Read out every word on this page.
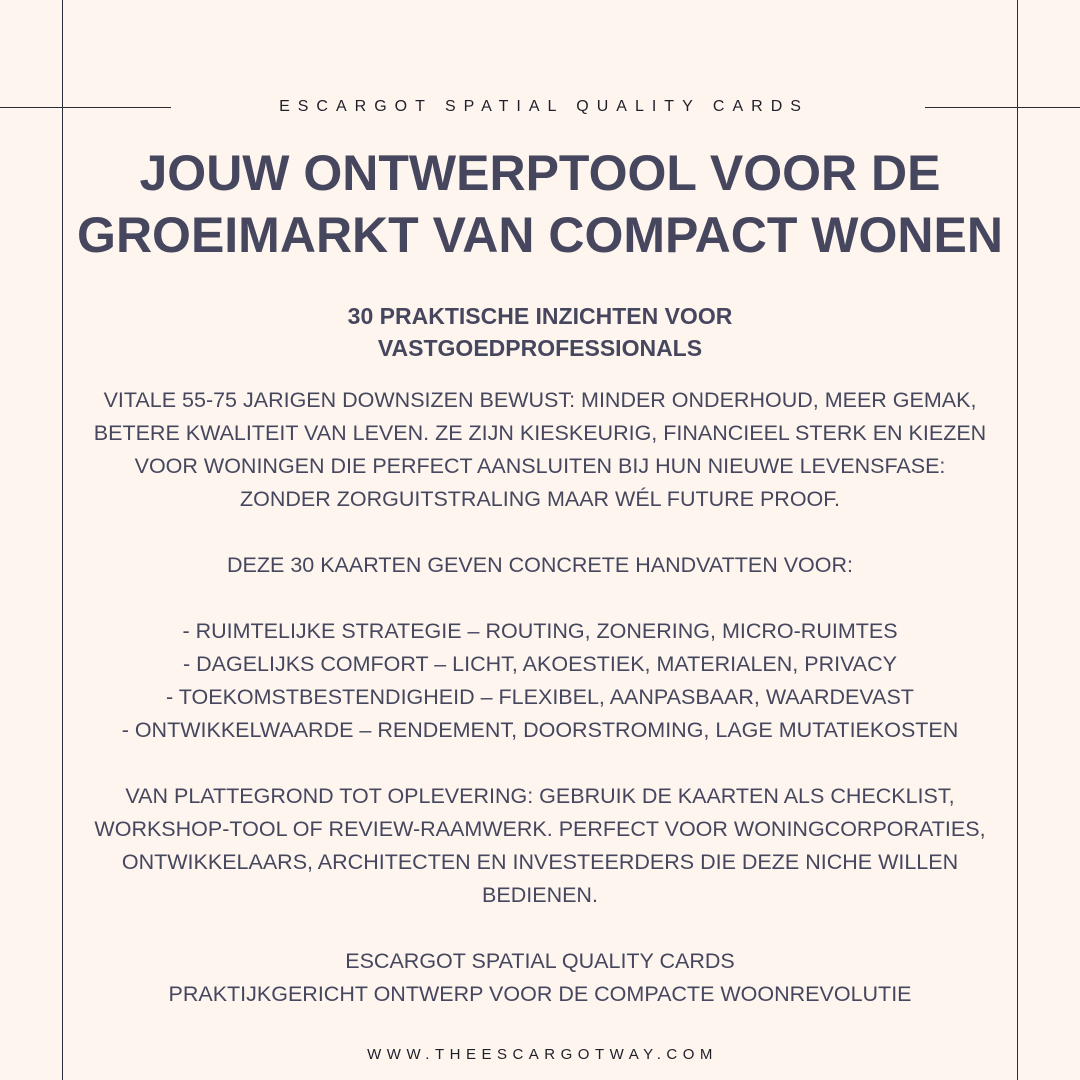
ESCARGOT SPATIAL QUALITY CARDS
JOUW ONTWERPTOOL VOOR DE
GROEIMARKT VAN COMPACT WONEN
30 PRAKTISCHE INZICHTEN VOOR
VASTGOEDPROFESSIONALS
VITALE 55-75 JARIGEN DOWNSIZEN BEWUST: MINDER ONDERHOUD, MEER GEMAK,
BETERE KWALITEIT VAN LEVEN. ZE ZIJN KIESKEURIG, FINANCIEEL STERK EN KIEZEN
VOOR WONINGEN DIE PERFECT AANSLUITEN BIJ HUN NIEUWE LEVENSFASE:
ZONDER ZORGUITSTRALING MAAR WÉL FUTURE PROOF.
DEZE 30 KAARTEN GEVEN CONCRETE HANDVATTEN VOOR:
- RUIMTELIJKE STRATEGIE – ROUTING, ZONERING, MICRO-RUIMTES
- DAGELIJKS COMFORT – LICHT, AKOESTIEK, MATERIALEN, PRIVACY
- TOEKOMSTBESTENDIGHEID – FLEXIBEL, AANPASBAAR, WAARDEVAST
- ONTWIKKELWAARDE – RENDEMENT, DOORSTROMING, LAGE MUTATIEKOSTEN
VAN PLATTEGROND TOT OPLEVERING: GEBRUIK DE KAARTEN ALS CHECKLIST,
WORKSHOP-TOOL OF REVIEW-RAAMWERK. PERFECT VOOR WONINGCORPORATIES,
ONTWIKKELAARS, ARCHITECTEN EN INVESTEERDERS DIE DEZE NICHE WILLEN
BEDIENEN.
ESCARGOT SPATIAL QUALITY CARDS
PRAKTIJKGERICHT ONTWERP VOOR DE COMPACTE WOONREVOLUTIE
WWW.THEESCARGOTWAY.COM
